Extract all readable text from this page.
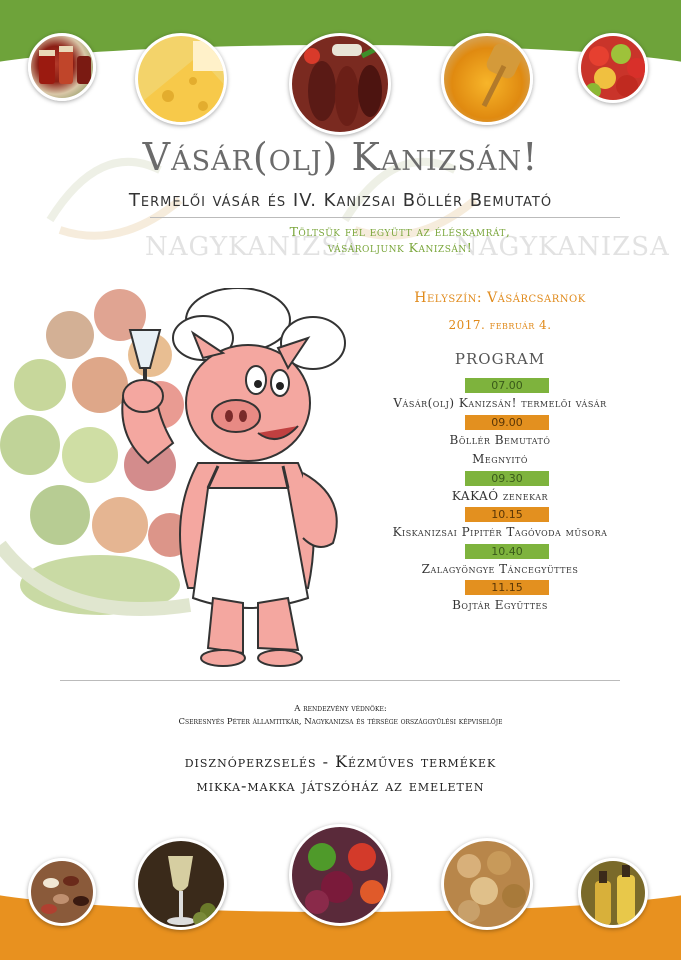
NAGYKANIZSA	NAGYKANIZSA
Vásár(olj) Kanizsán!
Termelői vásár és IV. Kanizsai Böllér Bemutató
Töltsük fel együtt az éléskamrát,
vásároljunk Kanizsán!
Helyszín: Vásárcsarnok
2017. február 4.
PROGRAM
07.00
Vásár(olj) Kanizsán! termelői vásár
09.00
Böllér Bemutató
Megnyitó
09.30
KAKAÓ zenekar
10.15
Kiskanizsai Pipitér Tagóvoda műsora
10.40
Zalagyöngye Táncegyüttes
11.15
Bojtár Együttes
A rendezvény védnöke:
Cseresnyés Péter államtitkár, Nagykanizsa és térsége országgyűlési képviselője
disznóperzselés - Kézműves termékek
mikka-makka játszóház az emeleten
